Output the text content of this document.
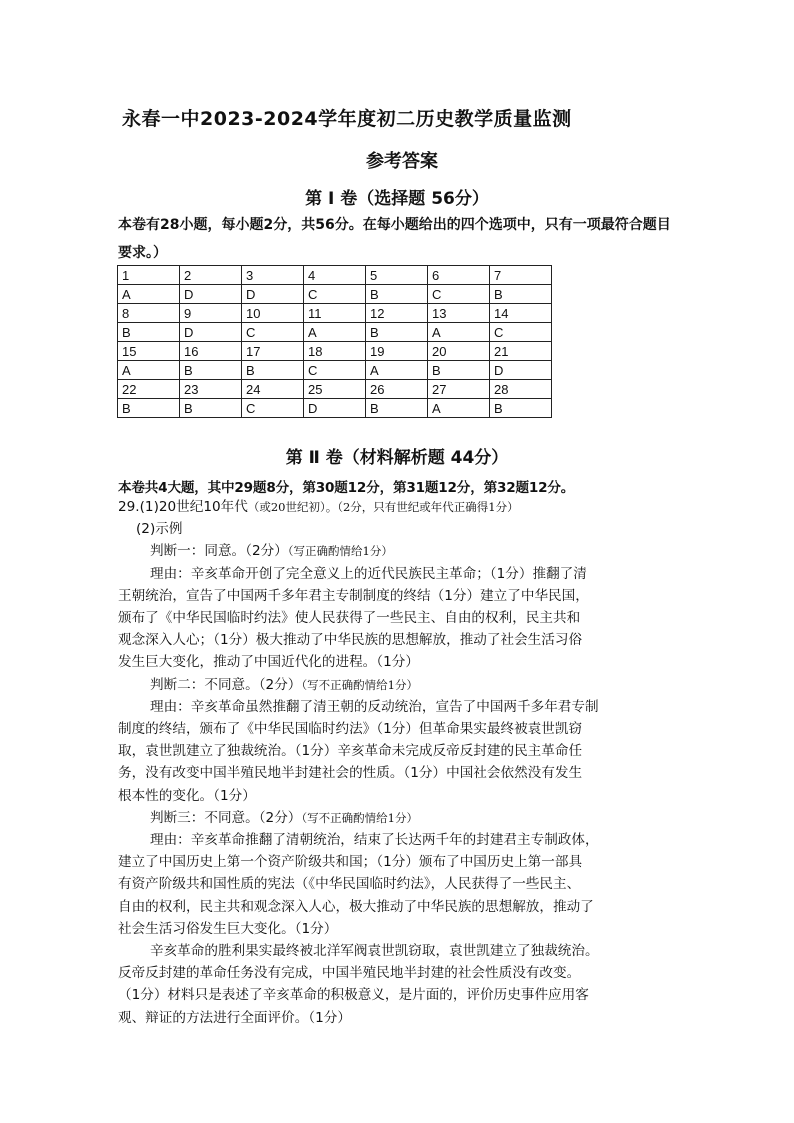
永春一中2023-2024学年度初二历史教学质量监测
参考答案
第 Ⅰ 卷（选择题 56分）
本卷有28小题，每小题2分，共56分。在每小题给出的四个选项中，只有一项最符合题目要求。）
1	2	3	4	5	6	7
A	D	D	C	B	C	B
8	9	10	11	12	13	14
B	D	C	A	B	A	C
15	16	17	18	19	20	21
A	B	B	C	A	B	D
22	23	24	25	26	27	28
B	B	C	D	B	A	B
第 Ⅱ 卷（材料解析题 44分）
本卷共4大题，其中29题8分，第30题12分，第31题12分，第32题12分。
29.(1)20世纪10年代（或20世纪初）。（2分，只有世纪或年代正确得1分）
(2)示例
判断一：同意。（2分）（写正确酌情给1分）
理由：辛亥革命开创了完全意义上的近代民族民主革命；（1分）推翻了清
王朝统治，宣告了中国两千多年君主专制制度的终结（1分）建立了中华民国，
颁布了《中华民国临时约法》使人民获得了一些民主、自由的权利，民主共和
观念深入人心；（1分）极大推动了中华民族的思想解放，推动了社会生活习俗
发生巨大变化，推动了中国近代化的进程。（1分）
判断二：不同意。（2分）（写不正确酌情给1分）
理由：辛亥革命虽然推翻了清王朝的反动统治，宣告了中国两千多年君专制
制度的终结，颁布了《中华民国临时约法》（1分）但革命果实最终被袁世凯窃
取，袁世凯建立了独裁统治。（1分）辛亥革命未完成反帝反封建的民主革命任
务，没有改变中国半殖民地半封建社会的性质。（1分）中国社会依然没有发生
根本性的变化。（1分）
判断三：不同意。（2分）（写不正确酌情给1分）
理由：辛亥革命推翻了清朝统治，结束了长达两千年的封建君主专制政体，
建立了中国历史上第一个资产阶级共和国；（1分）颁布了中国历史上第一部具
有资产阶级共和国性质的宪法（《中华民国临时约法》，人民获得了一些民主、
自由的权利，民主共和观念深入人心，极大推动了中华民族的思想解放，推动了
社会生活习俗发生巨大变化。（1分）
辛亥革命的胜利果实最终被北洋军阀袁世凯窃取，袁世凯建立了独裁统治。
反帝反封建的革命任务没有完成，中国半殖民地半封建的社会性质没有改变。
（1分）材料只是表述了辛亥革命的积极意义，是片面的，评价历史事件应用客
观、辩证的方法进行全面评价。（1分）
